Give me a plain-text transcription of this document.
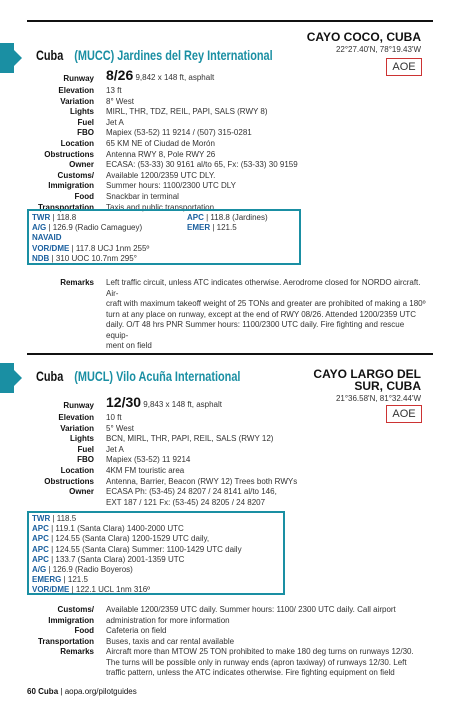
CAYO COCO, CUBA
22°27.40'N, 78°19.43'W
AOE
Cuba (MUCC) Jardines del Rey International
Runway 8/26 9,842 x 148 ft, asphalt
Elevation 13 ft
Variation 8° West
Lights MIRL, THR, TDZ, REIL, PAPI, SALS (RWY 8)
Fuel Jet A
FBO Mapiex (53-52) 11 9214 / (507) 315-0281
Location 65 KM NE of Ciudad de Morón
Obstructions Antenna RWY 8, Pole RWY 26
Owner ECASA: (53-33) 30 9161 al/to 65, Fx: (53-33) 30 9159
Customs/ Available 1200/2359 UTC DLY.
Immigration Summer hours: 1100/2300 UTC DLY
Food Snackbar in terminal
Transportation Taxis and public transportation
TWR | 118.8
A/G | 126.9 (Radio Camaguey)
NAVAID
VOR/DME | 117.8 UCJ 1nm 255º
NDB | 310 UOC 10.7nm 295°
APC | 118.8 (Jardines)
EMER | 121.5
Remarks Left traffic circuit, unless ATC indicates otherwise. Aerodrome closed for NORDO aircraft. Air-
craft with maximum takeoff weight of 25 TONs and greater are prohibited of making a 180º
turn at any place on runway, except at the end of RWY 08/26. Attended 1200/2359 UTC
daily. O/T 48 hrs PNR Summer hours: 1100/2300 UTC daily. Fire fighting and rescue equip-
ment on field
CAYO LARGO DEL
SUR, CUBA
21°36.58'N, 81°32.44'W
AOE
Cuba (MUCL) Vilo Acuña International
Runway 12/30 9,843 x 148 ft, asphalt
Elevation 10 ft
Variation 5° West
Lights BCN, MIRL, THR, PAPI, REIL, SALS (RWY 12)
Fuel Jet A
FBO Mapiex (53-52) 11 9214
Location 4KM FM touristic area
Obstructions Antenna, Barrier, Beacon (RWY 12) Trees both RWYs
Owner ECASA Ph: (53-45) 24 8207 / 24 8141 al/to 146,
EXT 187 / 121 Fx: (53-45) 24 8205 / 24 8207
TWR | 118.5
APC | 119.1 (Santa Clara) 1400-2000 UTC
APC | 124.55 (Santa Clara) 1200-1529 UTC daily,
APC | 124.55 (Santa Clara) Summer: 1100-1429 UTC daily
APC | 133.7 (Santa Clara) 2001-1359 UTC
A/G | 126.9 (Radio Boyeros)
EMERG | 121.5
VOR/DME | 122.1 UCL 1nm 316º
Customs/
Immigration
Food
Transportation
Remarks
Available 1200/2359 UTC daily. Summer hours: 1100/ 2300 UTC daily. Call airport
administration for more information
Cafeteria on field
Buses, taxis and car rental available
Aircraft more than MTOW 25 TON prohibited to make 180 deg turns on runways 12/30.
The turns will be possible only in runway ends (apron taxiway) of runways 12/30. Left
traffic pattern, unless the ATC indicates otherwise. Fire fighting equipment on field
60 Cuba | aopa.org/pilotguides
